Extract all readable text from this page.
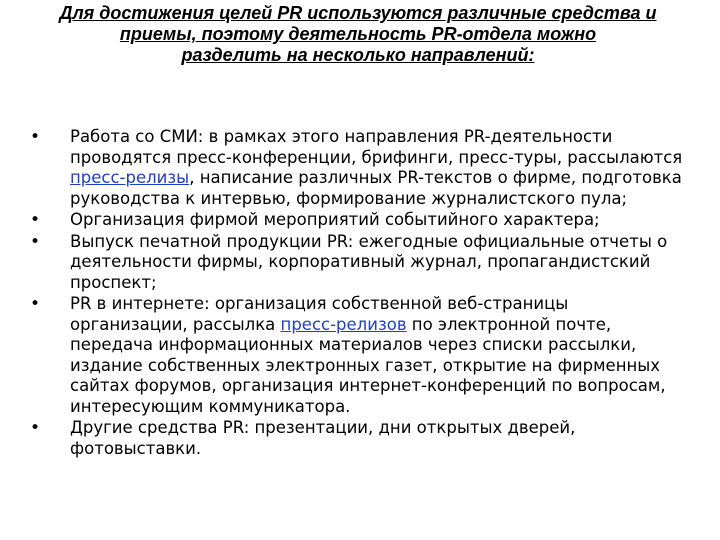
Для достижения целей PR используются различные средства и
приемы, поэтому деятельность PR-отдела можно
разделить на несколько направлений:
• Работа со СМИ: в рамках этого направления PR-деятельности проводятся пресс-конференции, брифинги, пресс-туры, рассылаются пресс-релизы, написание различных PR-текстов о фирме, подготовка руководства к интервью, формирование журналистского пула;
• Организация фирмой мероприятий событийного характера;
• Выпуск печатной продукции PR: ежегодные официальные отчеты о деятельности фирмы, корпоративный журнал, пропагандистский проспект;
• PR в интернете: организация собственной веб-страницы организации, рассылка пресс-релизов по электронной почте, передача информационных материалов через списки рассылки, издание собственных электронных газет, открытие на фирменных сайтах форумов, организация интернет-конференций по вопросам, интересующим коммуникатора.
• Другие средства PR: презентации, дни открытых дверей, фотовыставки.
